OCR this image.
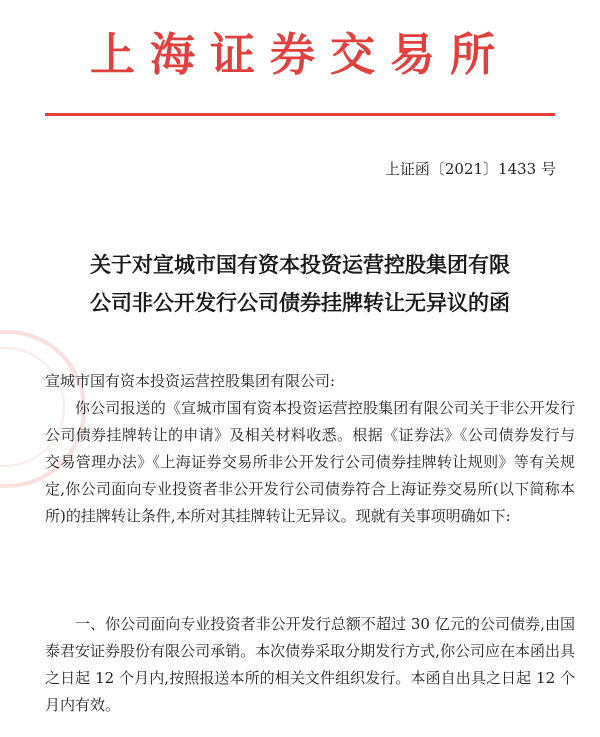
上海证券交易所
上证函〔2021〕1433 号
关于对宣城市国有资本投资运营控股集团有限
公司非公开发行公司债券挂牌转让无异议的函
宣城市国有资本投资运营控股集团有限公司:
你公司报送的《宣城市国有资本投资运营控股集团有限公司关于非公开发行公司债券挂牌转让的申请》及相关材料收悉。根据《证券法》《公司债券发行与交易管理办法》《上海证券交易所非公开发行公司债券挂牌转让规则》等有关规定,你公司面向专业投资者非公开发行公司债券符合上海证券交易所(以下简称本所)的挂牌转让条件,本所对其挂牌转让无异议。现就有关事项明确如下:
一、你公司面向专业投资者非公开发行总额不超过 30 亿元的公司债券,由国泰君安证券股份有限公司承销。本次债券采取分期发行方式,你公司应在本函出具之日起 12 个月内,按照报送本所的相关文件组织发行。本函自出具之日起 12 个月内有效。
